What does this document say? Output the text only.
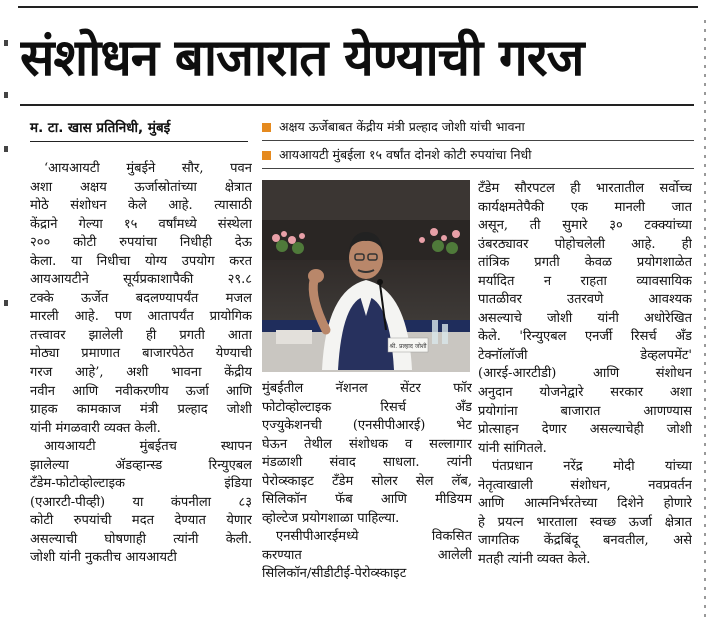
संशोधन बाजारात येण्याची गरज
म. टा. खास प्रतिनिधी, मुंबई	अक्षय ऊर्जेबाबत केंद्रीय मंत्री प्रल्हाद जोशी यांची भावना
आयआयटी मुंबईला १५ वर्षांत दोनशे कोटी रुपयांचा निधी
‘आयआयटी मुंबईने सौर, पवन
अशा अक्षय ऊर्जास्रोतांच्या क्षेत्रात
मोठे संशोधन केले आहे. त्यासाठी
केंद्राने गेल्या १५ वर्षांमध्ये संस्थेला
२०० कोटी रुपयांचा निधीही देऊ
केला. या निधीचा योग्य उपयोग करत
आयआयटीने सूर्यप्रकाशापैकी २९.८
टक्के ऊर्जेत बदलण्यापर्यंत मजल
मारली आहे. पण आतापर्यंत प्रायोगिक
तत्त्वावर झालेली ही प्रगती आता
मोठ्या प्रमाणात बाजारपेठेत येण्याची
गरज आहे’, अशी भावना केंद्रीय
नवीन आणि नवीकरणीय ऊर्जा आणि
ग्राहक कामकाज मंत्री प्रल्हाद जोशी
यांनी मंगळवारी व्यक्त केली.
आयआयटी मुंबईतच स्थापन
झालेल्या ॲडव्हान्स्ड रिन्युएबल
टँडेम-फोटोव्होल्टाइक इंडिया
(एआरटी-पीव्ही) या कंपनीला ८३
कोटी रुपयांची मदत देण्यात येणार
असल्याची घोषणाही त्यांनी केली.
जोशी यांनी नुकतीच आयआयटी
श्री. प्रल्हाद जोशी
मुंबईतील नॅशनल सेंटर फॉर
फोटोव्होल्टाइक रिसर्च अँड
एज्युकेशनची (एनसीपीआरई) भेट
घेऊन तेथील संशोधक व सल्लागार
मंडळाशी संवाद साधला. त्यांनी
पेरोव्स्काइट टँडेम सोलर सेल लॅब,
सिलिकॉन फॅब आणि मीडियम
व्होल्टेज प्रयोगशाळा पाहिल्या.
एनसीपीआरईमध्ये विकसित
करण्यात आलेली
सिलिकॉन/सीडीटीई-पेरोव्स्काइट
टँडेम सौरपटल ही भारतातील सर्वोच्च
कार्यक्षमतेपैकी एक मानली जात
असून, ती सुमारे ३० टक्क्यांच्या
उंबरठ्यावर पोहोचलेली आहे. ही
तांत्रिक प्रगती केवळ प्रयोगशाळेत
मर्यादित न राहता व्यावसायिक
पातळीवर उतरवणे आवश्यक
असल्याचे जोशी यांनी अधोरेखित
केले. 'रिन्युएबल एनर्जी रिसर्च अँड
टेक्नॉलॉजी डेव्हलपमेंट'
(आरई-आरटीडी) आणि संशोधन
अनुदान योजनेद्वारे सरकार अशा
प्रयोगांना बाजारात आणण्यास
प्रोत्साहन देणार असल्याचेही जोशी
यांनी सांगितले.
पंतप्रधान नरेंद्र मोदी यांच्या
नेतृत्वाखाली संशोधन, नवप्रवर्तन
आणि आत्मनिर्भरतेच्या दिशेने होणारे
हे प्रयत्न भारताला स्वच्छ ऊर्जा क्षेत्रात
जागतिक केंद्रबिंदू बनवतील, असे
मतही त्यांनी व्यक्त केले.
